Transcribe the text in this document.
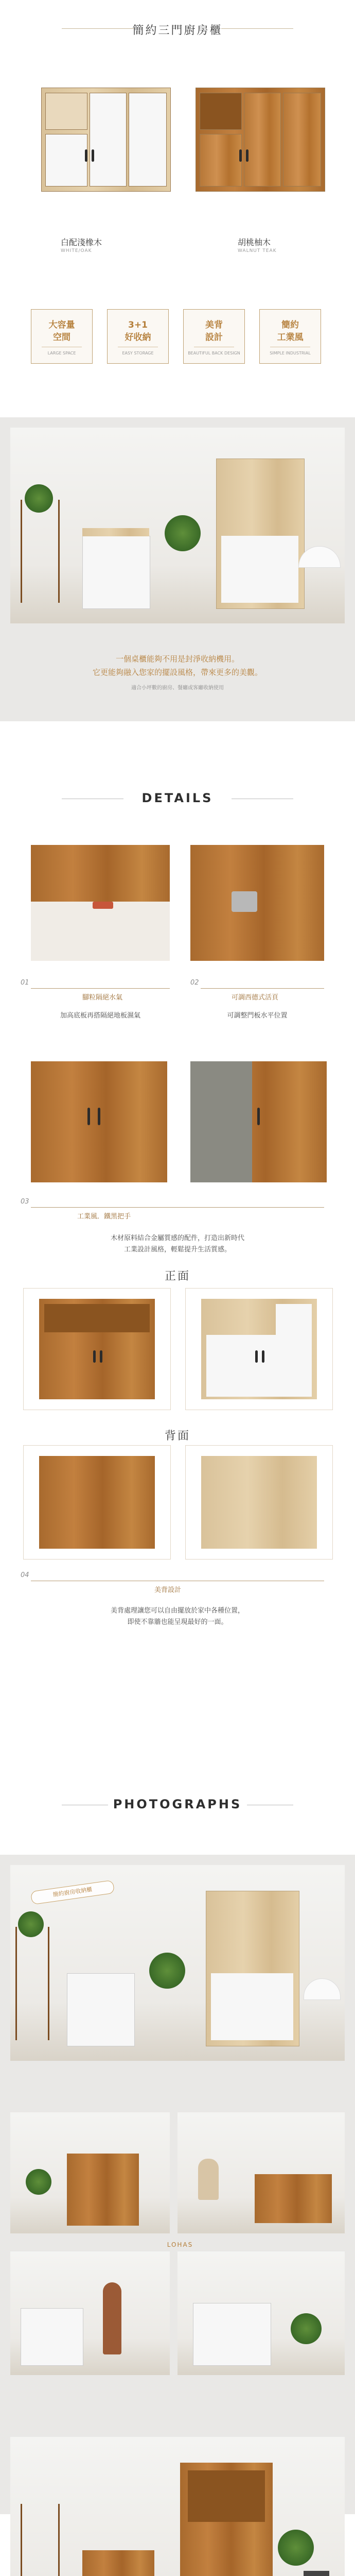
簡約三門廚房櫃
白配淺橡木
WHITE/OAK
胡桃柚木
WALNUT TEAK
大容量
空間
LARGE SPACE
3+1
好收納
EASY STORAGE
美背
設計
BEAUTIFUL BACK DESIGN
簡約
工業風
SIMPLE INDUSTRIAL
一個桌櫃能夠不用是封淨收納機用。
它更能夠融入您家的擺設風格，帶來更多的美觀。
適合小坪數的廚房、餐廳或客廳收納使用
DETAILS
01
腳粒隔絕水氣
加高底板再搭隔絕地板濕氣
02
可調西德式活頁
可調整門板水平位置
03
工業風．鐵黑把手
木材原料結合金屬質感的配件，打造出新時代
工業設計風格，輕鬆提升生活質感。
正面
背面
04
美背設計
美背處理讓您可以自由擺放於家中各種位置，
即使不靠牆也能呈現最好的一面。
PHOTOGRAPHS
簡約廚房收納櫃
LOHAS
